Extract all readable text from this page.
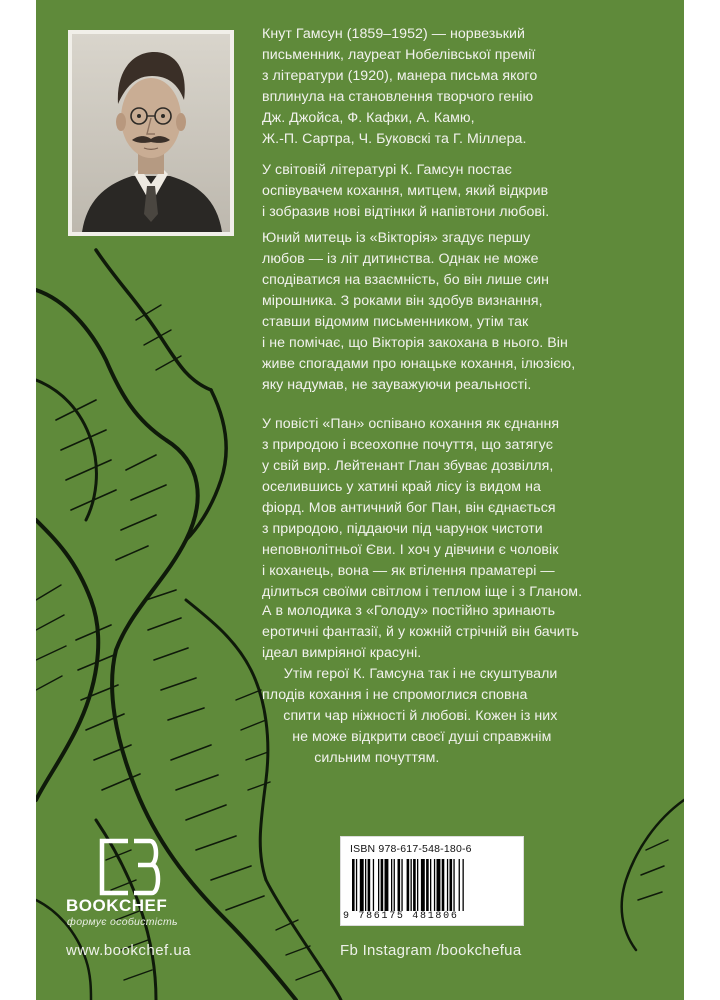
Кнут Гамсун (1859–1952) — норвезький

письменник, лауреат Нобелівської премії

з літератури (1920), манера письма якого

вплинула на становлення творчого генію

Дж. Джойса, Ф. Кафки, А. Камю,

Ж.-П. Сартра, Ч. Буковскі та Г. Міллера.

У світовій літературі К. Гамсун постає

оспівувачем кохання, митцем, який відкрив

і зобразив нові відтінки й напівтони любові.

Юний митець із «Вікторія» згадує першу

любов — із літ дитинства. Однак не може

сподіватися на взаємність, бо він лише син

мірошника. З роками він здобув визнання,

ставши відомим письменником, утім так

і не помічає, що Вікторія закохана в нього. Він

живе спогадами про юнацьке кохання, ілюзією,

яку надумав, не зауважуючи реальності.

У повісті «Пан» оспівано кохання як єднання

з природою і всеохопне почуття, що затягує

у свій вир. Лейтенант Глан збуває дозвілля,

оселившись у хатині край лісу із видом на

фіорд. Мов античний бог Пан, він єднається

з природою, піддаючи під чарунок чистоти

неповнолітньої Єви. І хоч у дівчини є чоловік

і коханець, вона — як втілення праматері —

ділиться своїми світлом і теплом іще і з Гланом.

А в молодика з «Голоду» постійно зринають

еротичні фантазії, й у кожній стрічній він бачить

ідеал вимріяної красуні.

Утім герої К. Гамсуна так і не скуштували

плодів кохання і не спромоглися сповна

спити чар ніжності й любові. Кожен із них

не може відкрити своєї душі справжнім

сильним почуттям.

BOOKCHEF
формує особистість
www.bookchef.ua	Fb Instagram /bookchefua
ISBN 978-617-548-180-6
9 786175 481806
